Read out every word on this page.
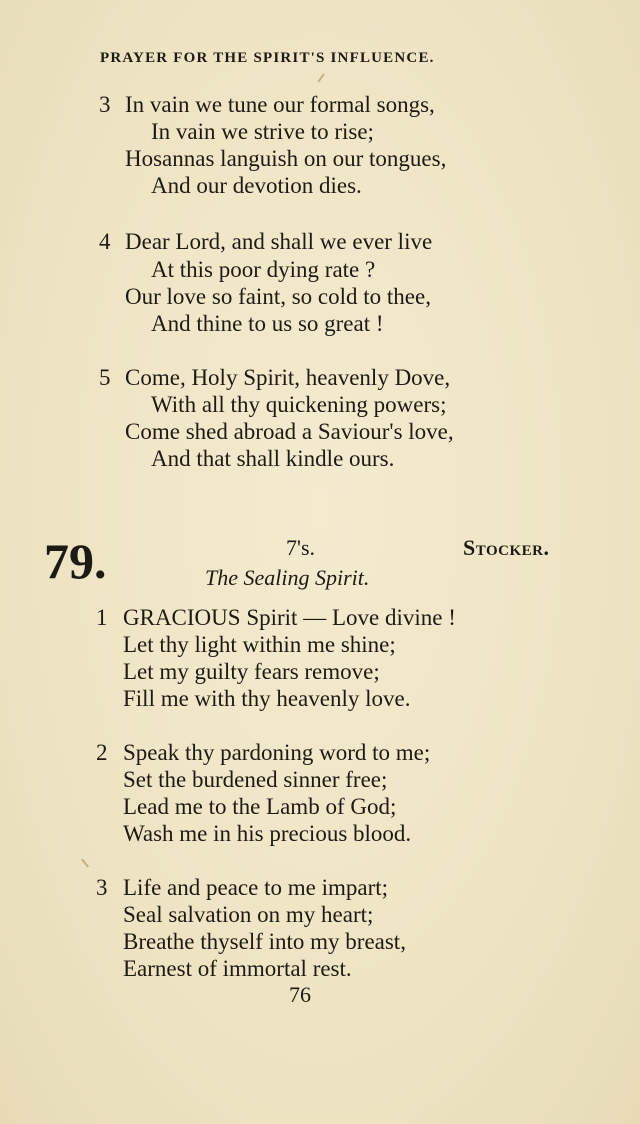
PRAYER FOR THE SPIRIT'S INFLUENCE.
3 In vain we tune our formal songs,
In vain we strive to rise;
Hosannas languish on our tongues,
And our devotion dies.
4 Dear Lord, and shall we ever live
At this poor dying rate ?
Our love so faint, so cold to thee,
And thine to us so great !
5 Come, Holy Spirit, heavenly Dove,
With all thy quickening powers;
Come shed abroad a Saviour's love,
And that shall kindle ours.
79.	7's.	Stocker.
The Sealing Spirit.
1 GRACIOUS Spirit — Love divine !
Let thy light within me shine;
Let my guilty fears remove;
Fill me with thy heavenly love.
2 Speak thy pardoning word to me;
Set the burdened sinner free;
Lead me to the Lamb of God;
Wash me in his precious blood.
3 Life and peace to me impart;
Seal salvation on my heart;
Breathe thyself into my breast,
Earnest of immortal rest.
76
